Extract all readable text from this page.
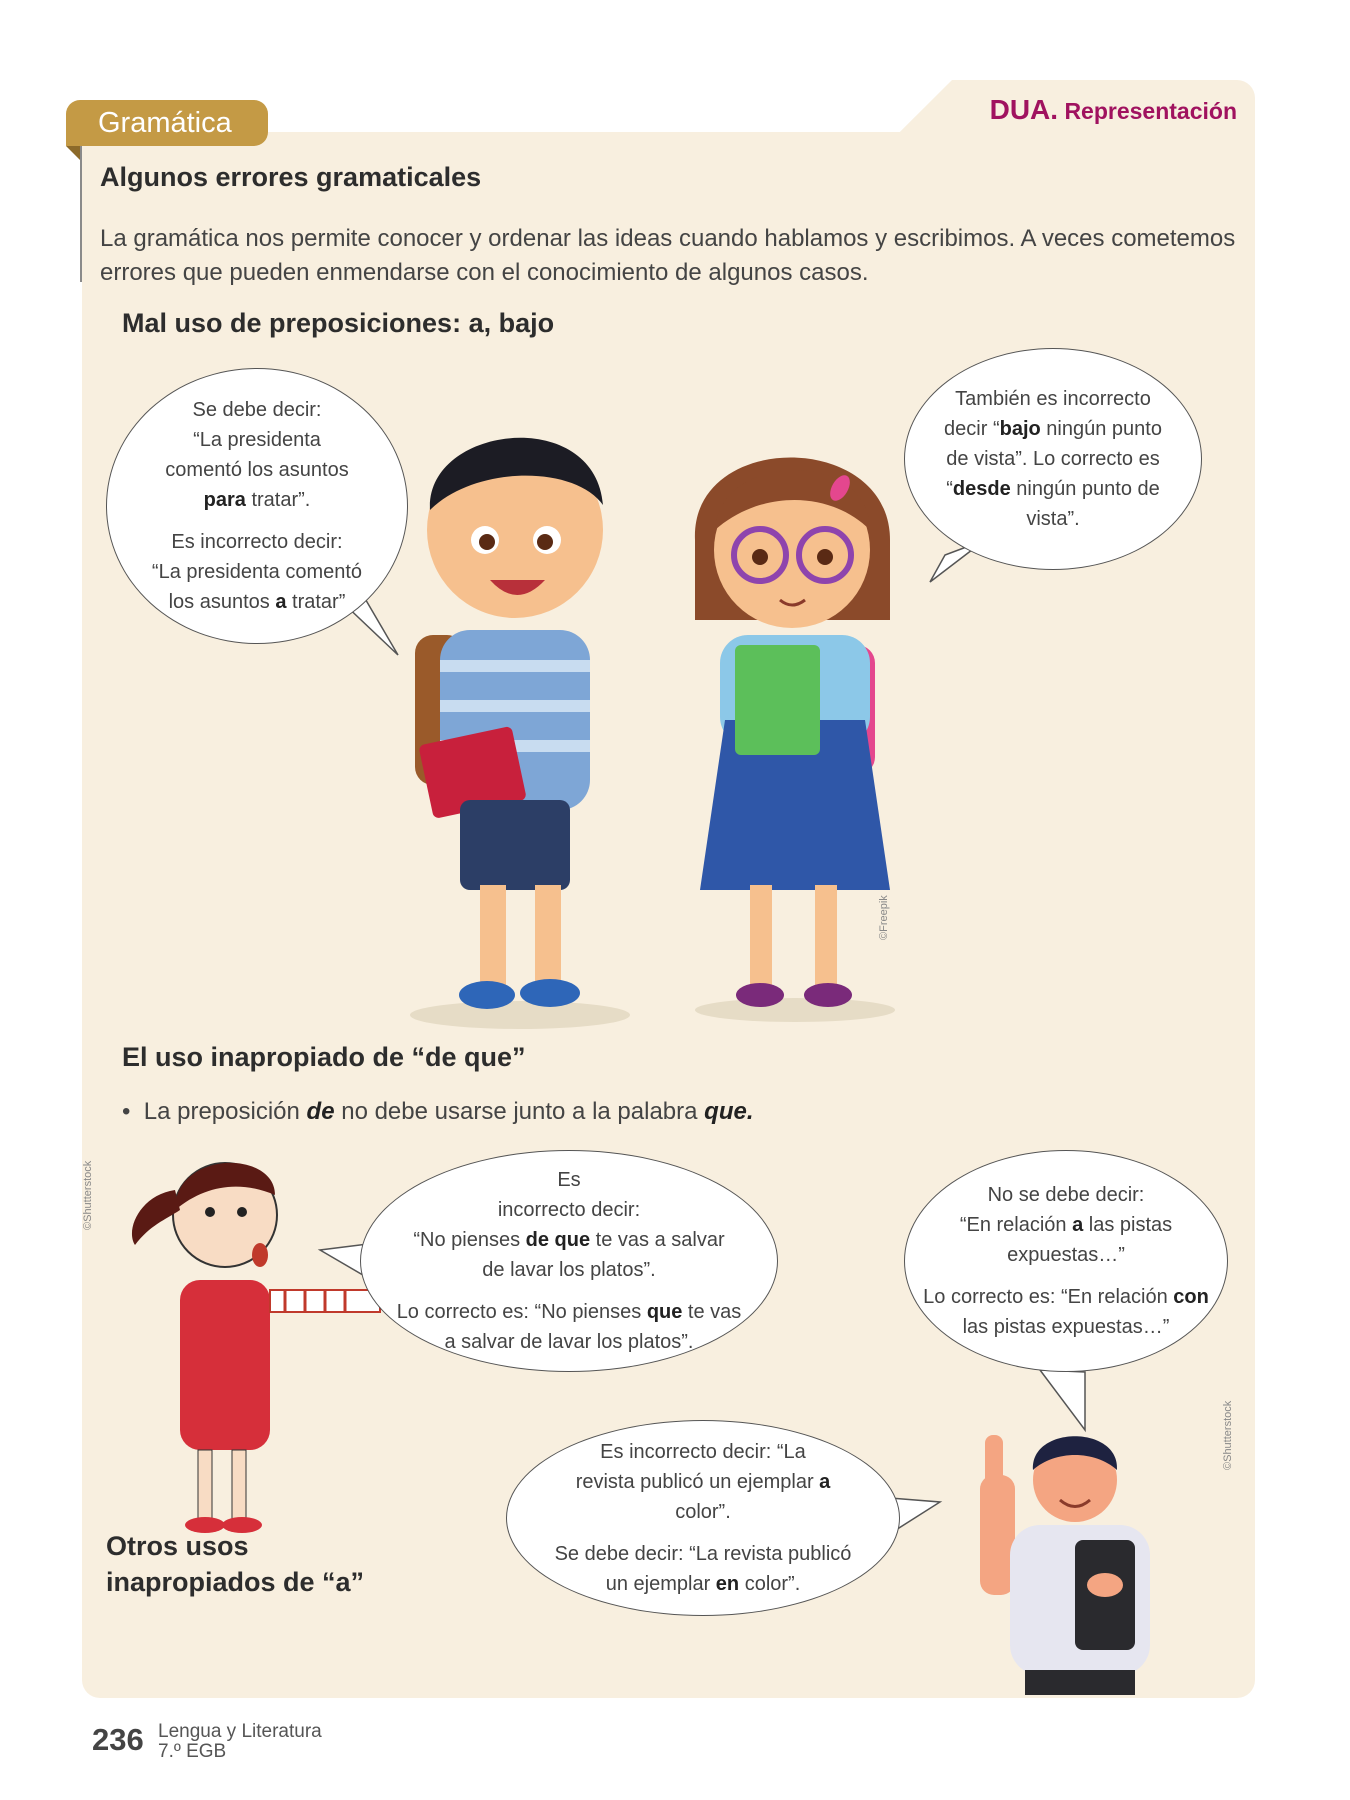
Gramática	DUA. Representación
Algunos errores gramaticales
La gramática nos permite conocer y ordenar las ideas cuando hablamos y escribimos. A veces cometemos errores que pueden enmendarse con el conocimiento de algunos casos.
Mal uso de preposiciones: a, bajo

Se debe decir:

“La presidenta

comentó los asuntos

para tratar”.

Es incorrecto decir:

“La presidenta comentó

los asuntos a tratar”

También es incorrecto

decir “bajo ningún punto

de vista”. Lo correcto es

“desde ningún punto de

vista”.

©Freepik
El uso inapropiado de “de que”
•  La preposición de no debe usarse junto a la palabra que.
©Shutterstock	Es

incorrecto decir:

“No pienses de que te vas a salvar

de lavar los platos”.

Lo correcto es: “No pienses que te vas

a salvar de lavar los platos”.

Otros usos
inapropiados de “a”

No se debe decir:

“En relación a las pistas

expuestas…”

Lo correcto es: “En relación con

las pistas expuestas…”

Es incorrecto decir: “La

revista publicó un ejemplar a

color”.

Se debe decir: “La revista publicó

un ejemplar en color”.

©Shutterstock
236 Lengua y Literatura
7.º EGB
